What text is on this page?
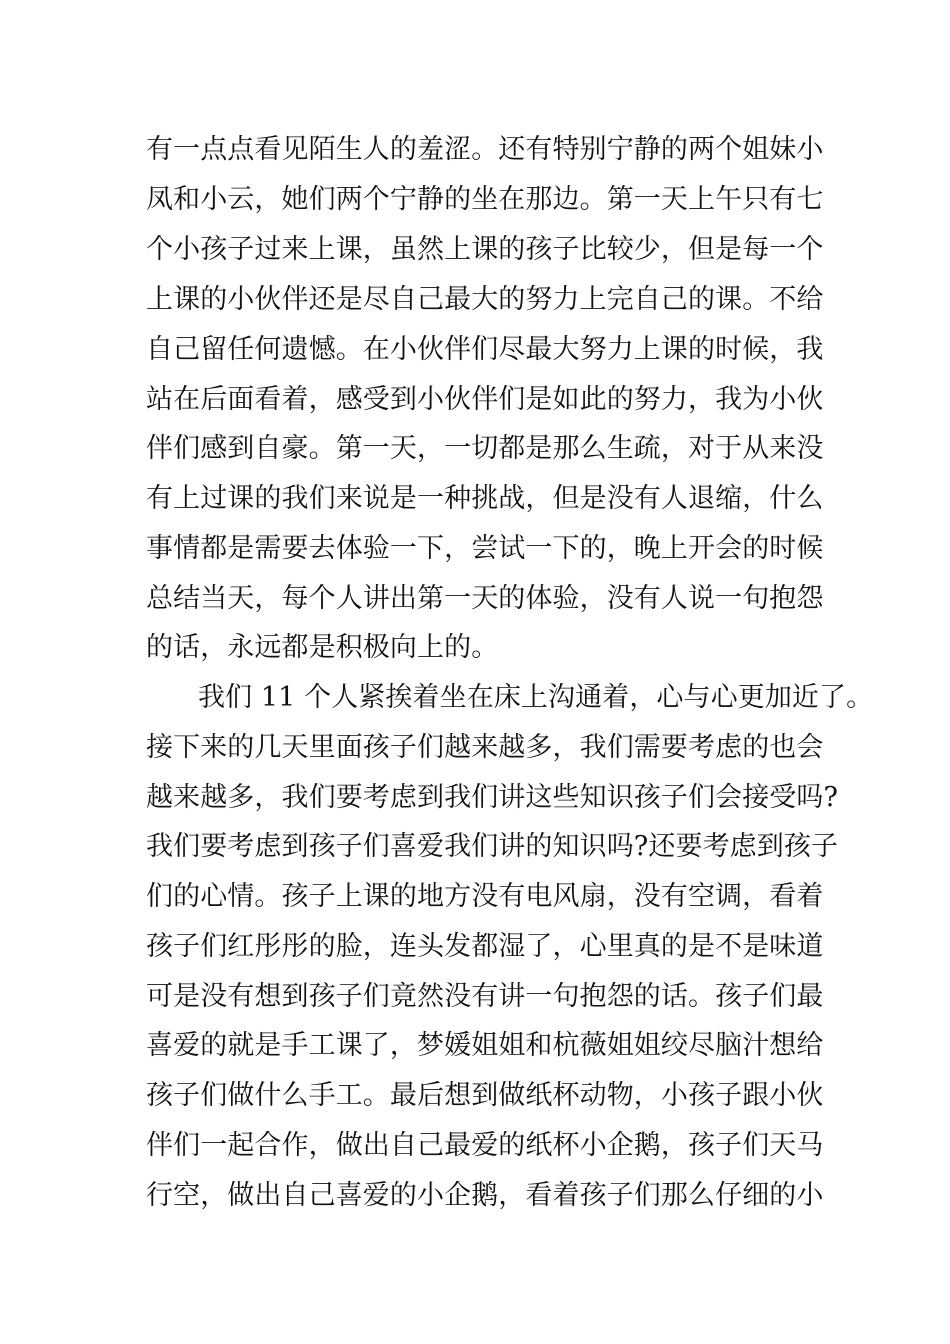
有一点点看见陌生人的羞涩。还有特别宁静的两个姐妹小
凤和小云，她们两个宁静的坐在那边。第一天上午只有七
个小孩子过来上课，虽然上课的孩子比较少，但是每一个
上课的小伙伴还是尽自己最大的努力上完自己的课。不给
自己留任何遗憾。在小伙伴们尽最大努力上课的时候，我
站在后面看着，感受到小伙伴们是如此的努力，我为小伙
伴们感到自豪。第一天，一切都是那么生疏，对于从来没
有上过课的我们来说是一种挑战，但是没有人退缩，什么
事情都是需要去体验一下，尝试一下的，晚上开会的时候
总结当天，每个人讲出第一天的体验，没有人说一句抱怨
的话，永远都是积极向上的。
我们 11 个人紧挨着坐在床上沟通着，心与心更加近了。
接下来的几天里面孩子们越来越多，我们需要考虑的也会
越来越多，我们要考虑到我们讲这些知识孩子们会接受吗?
我们要考虑到孩子们喜爱我们讲的知识吗?还要考虑到孩子
们的心情。孩子上课的地方没有电风扇，没有空调，看着
孩子们红彤彤的脸，连头发都湿了，心里真的是不是味道
可是没有想到孩子们竟然没有讲一句抱怨的话。孩子们最
喜爱的就是手工课了，梦媛姐姐和杭薇姐姐绞尽脑汁想给
孩子们做什么手工。最后想到做纸杯动物，小孩子跟小伙
伴们一起合作，做出自己最爱的纸杯小企鹅，孩子们天马
行空，做出自己喜爱的小企鹅，看着孩子们那么仔细的小
